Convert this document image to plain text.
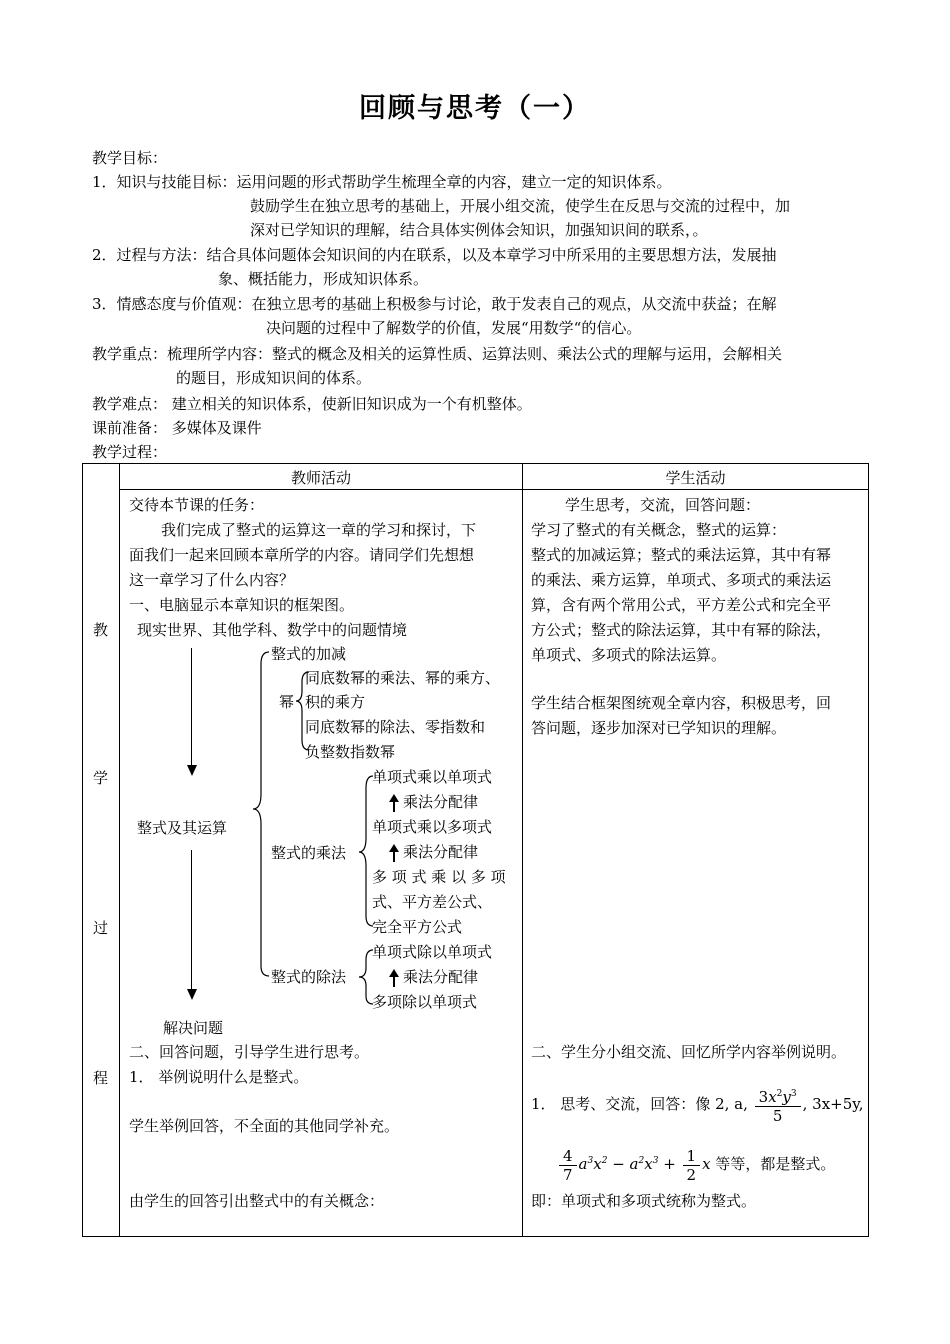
回顾与思考（一）
教学目标：
1．知识与技能目标：运用问题的形式帮助学生梳理全章的内容，建立一定的知识体系。
鼓励学生在独立思考的基础上，开展小组交流，使学生在反思与交流的过程中，加
深对已学知识的理解，结合具体实例体会知识，加强知识间的联系，。
2．过程与方法：结合具体问题体会知识间的内在联系，以及本章学习中所采用的主要思想方法，发展抽
象、概括能力，形成知识体系。
3．情感态度与价值观：在独立思考的基础上积极参与讨论，敢于发表自己的观点，从交流中获益；在解
决问题的过程中了解数学的价值，发展“用数学“的信心。
教学重点：梳理所学内容：整式的概念及相关的运算性质、运算法则、乘法公式的理解与运用，会解相关
的题目，形成知识间的体系。
教学难点： 建立相关的知识体系，使新旧知识成为一个有机整体。
课前准备： 多媒体及课件
教学过程：
教师活动	学生活动
教
学
过
程
交待本节课的任务：
我们完成了整式的运算这一章的学习和探讨，下
面我们一起来回顾本章所学的内容。请同学们先想想
这一章学习了什么内容？
一、电脑显示本章知识的框架图。
现实世界、其他学科、数学中的问题情境
整式及其运算
解决问题
整式的加减
幂
同底数幂的乘法、幂的乘方、
积的乘方
同底数幂的除法、零指数和
负整数指数幂
整式的乘法
单项式乘以单项式
乘法分配律
单项式乘以多项式
乘法分配律
多 项 式 乘 以 多 项
式、平方差公式、
完全平方公式
整式的除法
单项式除以单项式
乘法分配律
多项除以单项式
二、回答问题，引导学生进行思考。
1． 举例说明什么是整式。
学生举例回答，不全面的其他同学补充。
由学生的回答引出整式中的有关概念：
学生思考，交流，回答问题：
学习了整式的有关概念，整式的运算：
整式的加减运算；整式的乘法运算，其中有幂
的乘法、乘方运算，单项式、多项式的乘法运
算，含有两个常用公式，平方差公式和完全平
方公式；整式的除法运算，其中有幂的除法，
单项式、多项式的除法运算。
学生结合框架图统观全章内容，积极思考，回
答问题，逐步加深对已学知识的理解。
二、学生分小组交流、回忆所学内容举例说明。
1． 思考、交流，回答：像 2, a, $\frac{3x^2y^3}{5}$ , 3x+5y,
$\frac{4}{7} a^3x^2 - a^2x^3 + \frac{1}{2}$ x 等等，都是整式。
即：单项式和多项式统称为整式。
